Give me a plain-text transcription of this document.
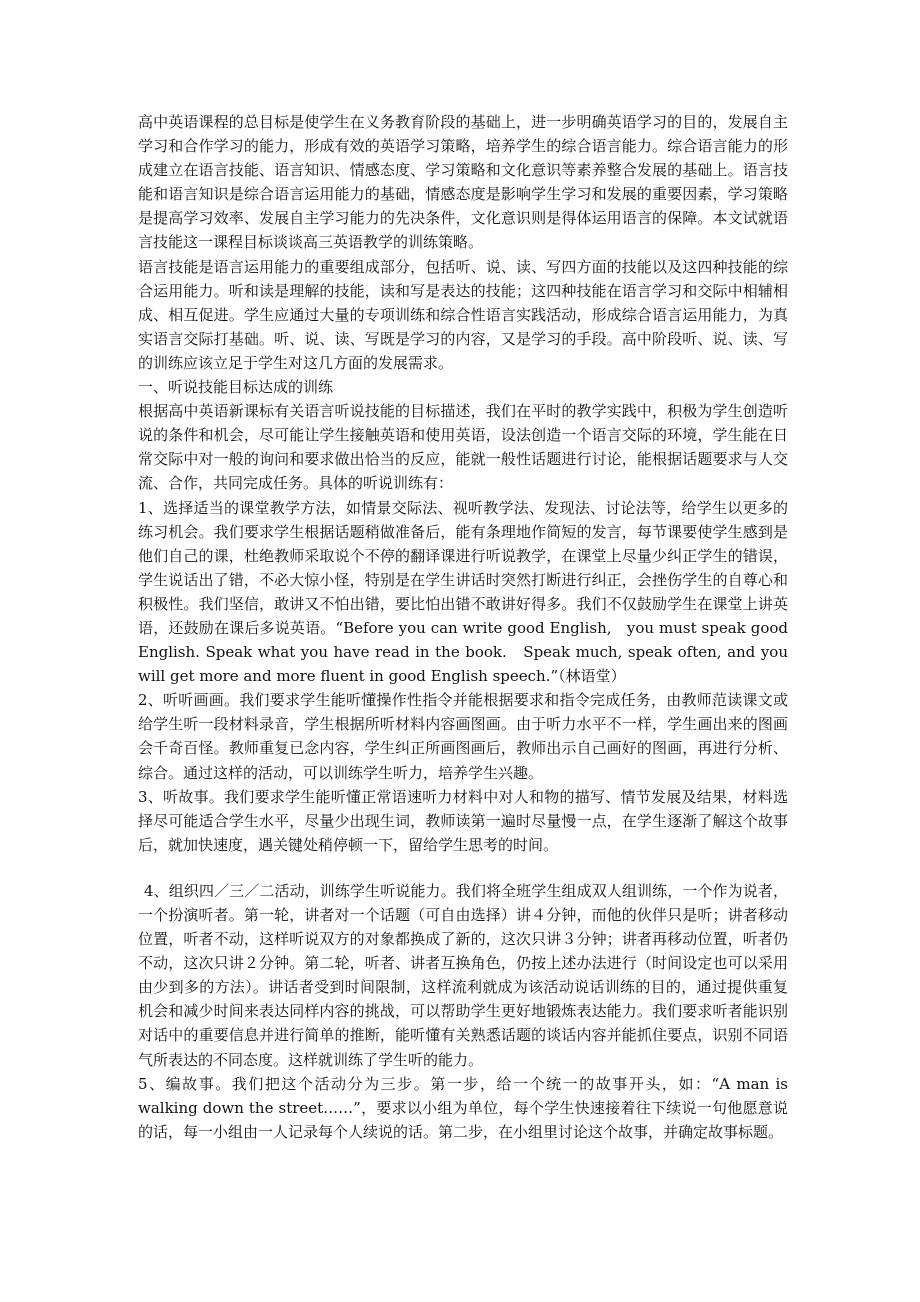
高中英语课程的总目标是使学生在义务教育阶段的基础上，进一步明确英语学习的目的，发展自主学习和合作学习的能力，形成有效的英语学习策略，培养学生的综合语言能力。综合语言能力的形成建立在语言技能、语言知识、情感态度、学习策略和文化意识等素养整合发展的基础上。语言技能和语言知识是综合语言运用能力的基础，情感态度是影响学生学习和发展的重要因素，学习策略是提高学习效率、发展自主学习能力的先决条件，文化意识则是得体运用语言的保障。本文试就语言技能这一课程目标谈谈高三英语教学的训练策略。

语言技能是语言运用能力的重要组成部分，包括听、说、读、写四方面的技能以及这四种技能的综合运用能力。听和读是理解的技能，读和写是表达的技能；这四种技能在语言学习和交际中相辅相成、相互促进。学生应通过大量的专项训练和综合性语言实践活动，形成综合语言运用能力，为真实语言交际打基础。听、说、读、写既是学习的内容，又是学习的手段。高中阶段听、说、读、写的训练应该立足于学生对这几方面的发展需求。

一、听说技能目标达成的训练

根据高中英语新课标有关语言听说技能的目标描述，我们在平时的教学实践中，积极为学生创造听说的条件和机会，尽可能让学生接触英语和使用英语，设法创造一个语言交际的环境，学生能在日常交际中对一般的询问和要求做出恰当的反应，能就一般性话题进行讨论，能根据话题要求与人交流、合作，共同完成任务。具体的听说训练有：

1、选择适当的课堂教学方法，如情景交际法、视听教学法、发现法、讨论法等，给学生以更多的练习机会。我们要求学生根据话题稍做准备后，能有条理地作简短的发言，每节课要使学生感到是他们自己的课，杜绝教师采取说个不停的翻译课进行听说教学，在课堂上尽量少纠正学生的错误，学生说话出了错，不必大惊小怪，特别是在学生讲话时突然打断进行纠正，会挫伤学生的自尊心和积极性。我们坚信，敢讲又不怕出错，要比怕出错不敢讲好得多。我们不仅鼓励学生在课堂上讲英语，还鼓励在课后多说英语。“Before you can write good English,　you must speak good English. Speak what you have read in the book.　Speak much, speak often, and you will get more and more fluent in good English speech.”（林语堂）

2、听听画画。我们要求学生能听懂操作性指令并能根据要求和指令完成任务，由教师范读课文或给学生听一段材料录音，学生根据所听材料内容画图画。由于听力水平不一样，学生画出来的图画会千奇百怪。教师重复已念内容，学生纠正所画图画后，教师出示自己画好的图画，再进行分析、综合。通过这样的活动，可以训练学生听力，培养学生兴趣。

3、听故事。我们要求学生能听懂正常语速听力材料中对人和物的描写、情节发展及结果，材料选择尽可能适合学生水平，尽量少出现生词，教师读第一遍时尽量慢一点，在学生逐渐了解这个故事后，就加快速度，遇关键处稍停顿一下，留给学生思考的时间。

4、组织四／三／二活动，训练学生听说能力。我们将全班学生组成双人组训练，一个作为说者，一个扮演听者。第一轮，讲者对一个话题（可自由选择）讲４分钟，而他的伙伴只是听；讲者移动位置，听者不动，这样听说双方的对象都换成了新的，这次只讲３分钟；讲者再移动位置，听者仍不动，这次只讲２分钟。第二轮，听者、讲者互换角色，仍按上述办法进行（时间设定也可以采用由少到多的方法）。讲话者受到时间限制，这样流利就成为该活动说话训练的目的，通过提供重复机会和减少时间来表达同样内容的挑战，可以帮助学生更好地锻炼表达能力。我们要求听者能识别对话中的重要信息并进行简单的推断，能听懂有关熟悉话题的谈话内容并能抓住要点，识别不同语气所表达的不同态度。这样就训练了学生听的能力。

5、编故事。我们把这个活动分为三步。第一步，给一个统一的故事开头，如：“A man is walking down the street……”，要求以小组为单位，每个学生快速接着往下续说一句他愿意说的话，每一小组由一人记录每个人续说的话。第二步，在小组里讨论这个故事，并确定故事标题。
